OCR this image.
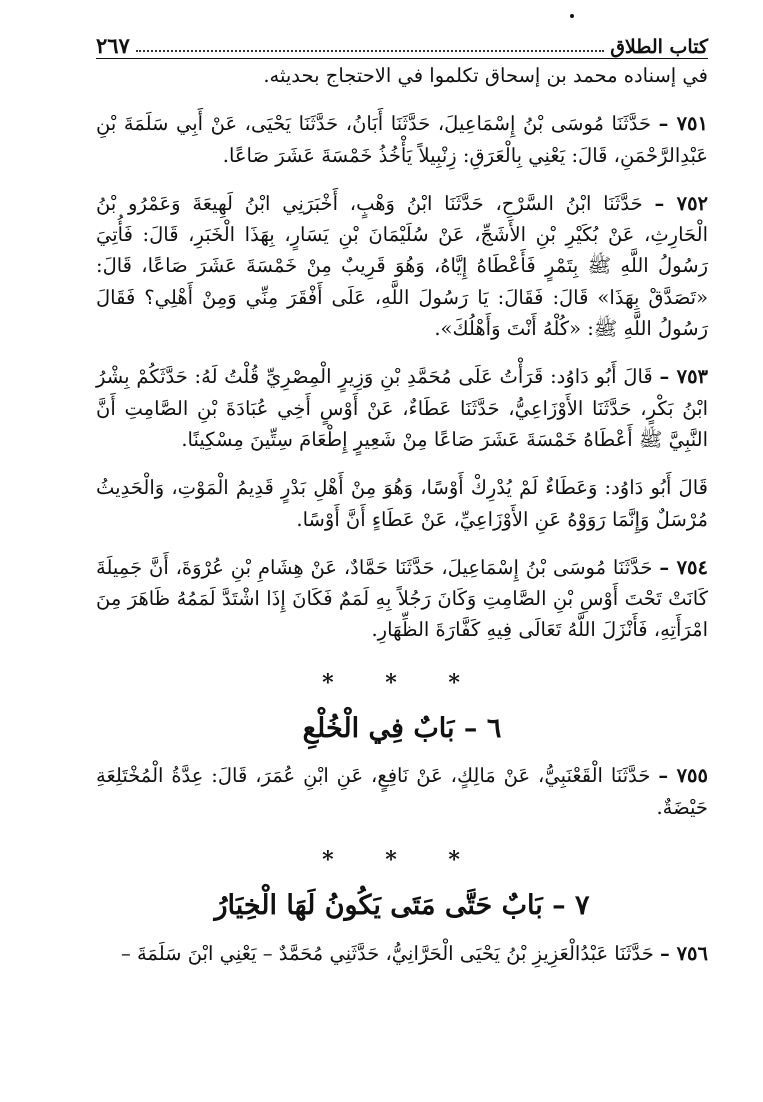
كتاب الطلاق
٢٦٧

في إسناده محمد بن إسحاق تكلموا في الاحتجاج بحديثه.

٧٥١ – حَدَّثَنَا مُوسَى بْنُ إِسْمَاعِيلَ، حَدَّثَنَا أَبَانُ، حَدَّثَنَا يَحْيَى، عَنْ أَبِي سَلَمَةَ بْنِ عَبْدِالرَّحْمَنِ، قَالَ: يَعْنِي بِالْعَرَقِ: زِنْبِيلاً يَأْخُذُ خَمْسَةَ عَشَرَ صَاعًا.

٧٥٢ – حَدَّثَنَا ابْنُ السَّرْحِ، حَدَّثَنَا ابْنُ وَهْبٍ، أَخْبَرَنِي ابْنُ لَهِيعَةَ وَعَمْرُو بْنُ الْحَارِثِ، عَنْ بُكَيْرِ بْنِ الأَشَجِّ، عَنْ سُلَيْمَانَ بْنِ يَسَارٍ، بِهَذَا الْخَبَرِ، قَالَ: فَأُتِيَ رَسُولُ اللَّهِ ﷺ بِتَمْرٍ فَأَعْطَاهُ إِيَّاهُ، وَهُوَ قَرِيبٌ مِنْ خَمْسَةَ عَشَرَ صَاعًا، قَالَ: «تَصَدَّقْ بِهَذَا» قَالَ: فَقَالَ: يَا رَسُولَ اللَّهِ، عَلَى أَفْقَرَ مِنِّي وَمِنْ أَهْلِي؟ فَقَالَ رَسُولُ اللَّهِ ﷺ: «كُلْهُ أَنْتَ وَأَهْلُكَ».

٧٥٣ – قَالَ أَبُو دَاوُد: قَرَأْتُ عَلَى مُحَمَّدِ بْنِ وَزِيرٍ الْمِصْرِيِّ قُلْتُ لَهُ: حَدَّثَكُمْ بِشْرُ ابْنُ بَكْرٍ، حَدَّثَنَا الأَوْزَاعِيُّ، حَدَّثَنَا عَطَاءٌ، عَنْ أَوْسٍ أَخِي عُبَادَةَ بْنِ الصَّامِتِ أَنَّ النَّبِيَّ ﷺ أَعْطَاهُ خَمْسَةَ عَشَرَ صَاعًا مِنْ شَعِيرٍ إِطْعَامَ سِتِّينَ مِسْكِينًا.

قَالَ أَبُو دَاوُد: وَعَطَاءٌ لَمْ يُدْرِكْ أَوْسًا، وَهُوَ مِنْ أَهْلِ بَدْرٍ قَدِيمُ الْمَوْتِ، وَالْحَدِيثُ مُرْسَلٌ وَإِنَّمَا رَوَوْهُ عَنِ الأَوْزَاعِيِّ، عَنْ عَطَاءٍ أَنَّ أَوْسًا.

٧٥٤ – حَدَّثَنَا مُوسَى بْنُ إِسْمَاعِيلَ، حَدَّثَنَا حَمَّادٌ، عَنْ هِشَامِ بْنِ عُرْوَةَ، أَنَّ جَمِيلَةَ كَانَتْ تَحْتَ أَوْسِ بْنِ الصَّامِتِ وَكَانَ رَجُلاً بِهِ لَمَمٌ فَكَانَ إِذَا اشْتَدَّ لَمَمُهُ ظَاهَرَ مِنَ امْرَأَتِهِ، فَأَنْزَلَ اللَّهُ تَعَالَى فِيهِ كَفَّارَةَ الظِّهَارِ.

* * *
٦ – بَابٌ فِي الْخُلْعِ

٧٥٥ – حَدَّثَنَا الْقَعْنَبِيُّ، عَنْ مَالِكٍ، عَنْ نَافِعٍ، عَنِ ابْنِ عُمَرَ، قَالَ: عِدَّةُ الْمُخْتَلِعَةِ حَيْضَةٌ.

* * *
٧ – بَابٌ حَتَّى مَتَى يَكُونُ لَهَا الْخِيَارُ

٧٥٦ – حَدَّثَنَا عَبْدُالْعَزِيزِ بْنُ يَحْيَى الْحَرَّانِيُّ، حَدَّثَنِي مُحَمَّدٌ – يَعْنِي ابْنَ سَلَمَةَ –
